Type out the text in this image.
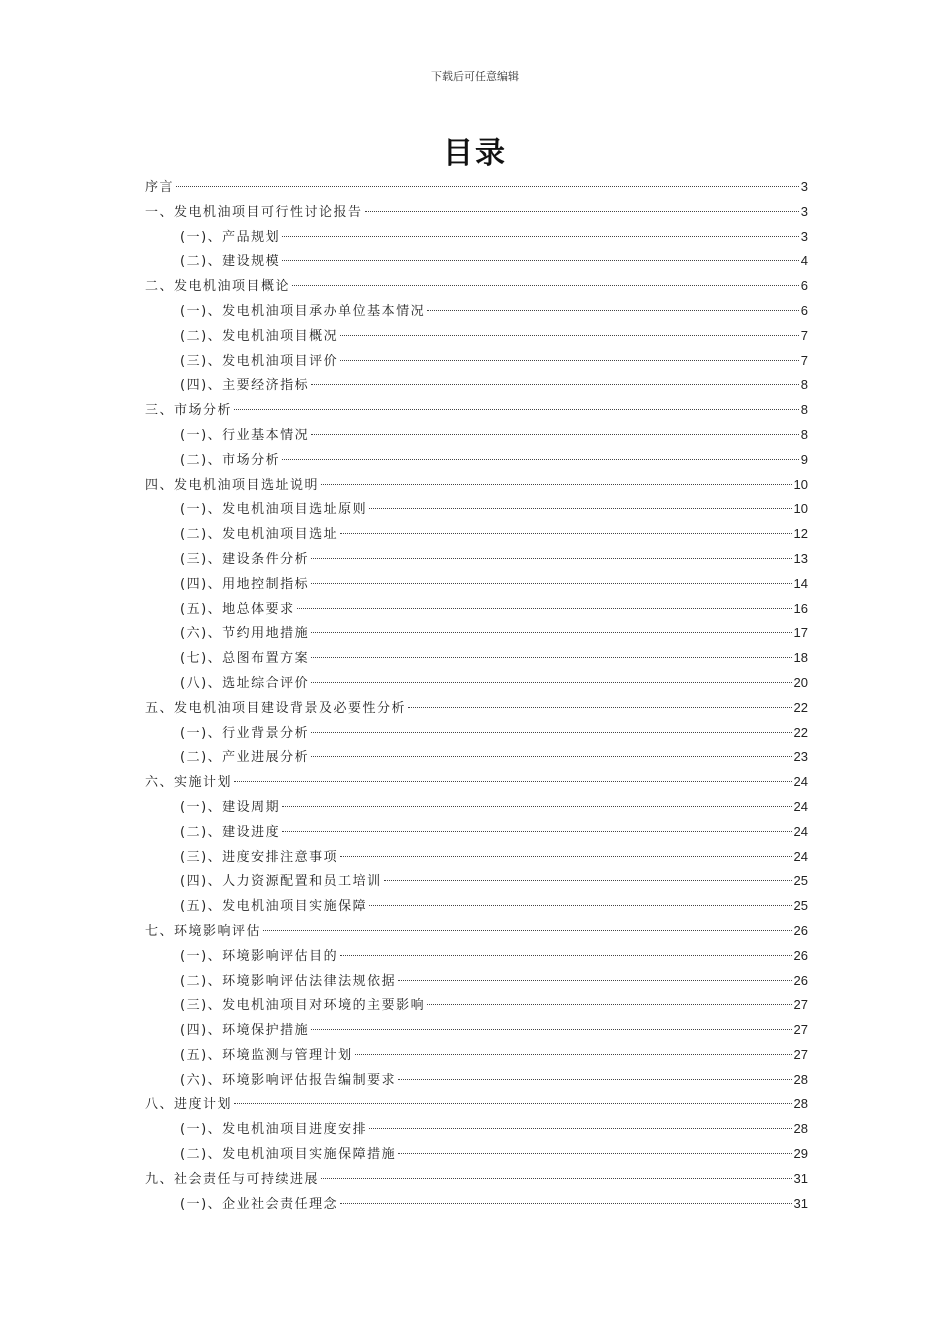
下载后可任意编辑
目录
序言	3
一、发电机油项目可行性讨论报告	3
(一)、产品规划	3
(二)、建设规模	4
二、发电机油项目概论	6
(一)、发电机油项目承办单位基本情况	6
(二)、发电机油项目概况	7
(三)、发电机油项目评价	7
(四)、主要经济指标	8
三、市场分析	8
(一)、行业基本情况	8
(二)、市场分析	9
四、发电机油项目选址说明	10
(一)、发电机油项目选址原则	10
(二)、发电机油项目选址	12
(三)、建设条件分析	13
(四)、用地控制指标	14
(五)、地总体要求	16
(六)、节约用地措施	17
(七)、总图布置方案	18
(八)、选址综合评价	20
五、发电机油项目建设背景及必要性分析	22
(一)、行业背景分析	22
(二)、产业进展分析	23
六、实施计划	24
(一)、建设周期	24
(二)、建设进度	24
(三)、进度安排注意事项	24
(四)、人力资源配置和员工培训	25
(五)、发电机油项目实施保障	25
七、环境影响评估	26
(一)、环境影响评估目的	26
(二)、环境影响评估法律法规依据	26
(三)、发电机油项目对环境的主要影响	27
(四)、环境保护措施	27
(五)、环境监测与管理计划	27
(六)、环境影响评估报告编制要求	28
八、进度计划	28
(一)、发电机油项目进度安排	28
(二)、发电机油项目实施保障措施	29
九、社会责任与可持续进展	31
(一)、企业社会责任理念	31
